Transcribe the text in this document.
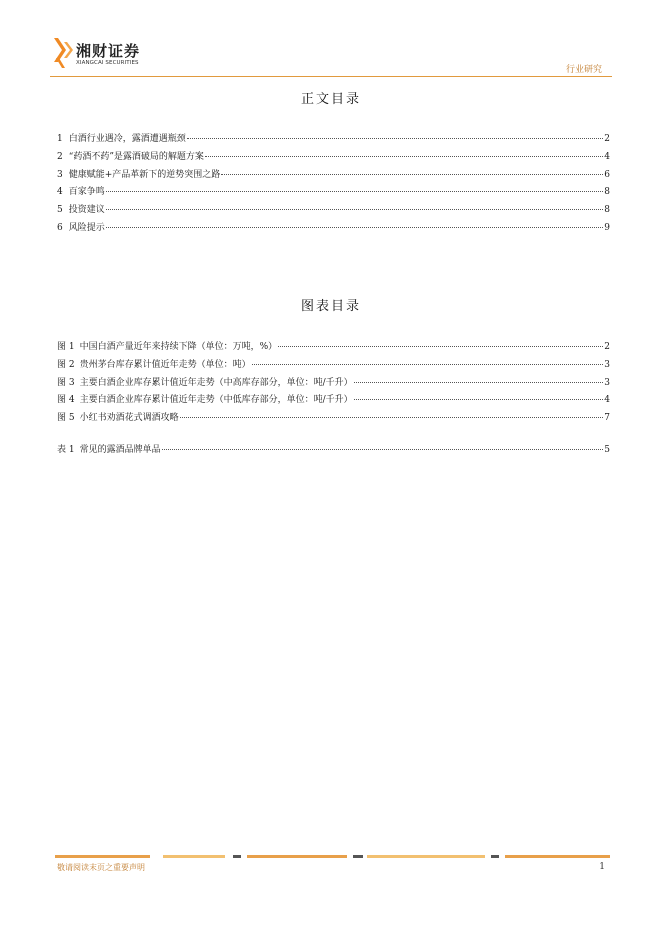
湘财证券
XIANGCAI SECURITIES
行业研究
正文目录
1 白酒行业遇冷，露酒遭遇瓶颈	2
2 “药酒不药”是露酒破局的解题方案	4
3 健康赋能+产品革新下的逆势突围之路	6
4 百家争鸣	8
5 投资建议	8
6 风险提示	9
图表目录
图 1 中国白酒产量近年来持续下降（单位：万吨，%）	2
图 2 贵州茅台库存累计值近年走势（单位：吨）	3
图 3 主要白酒企业库存累计值近年走势（中高库存部分，单位：吨/千升）	3
图 4 主要白酒企业库存累计值近年走势（中低库存部分，单位：吨/千升）	4
图 5 小红书劝酒花式调酒攻略	7
表 1 常见的露酒品牌单品	5
敬请阅读末页之重要声明	1
